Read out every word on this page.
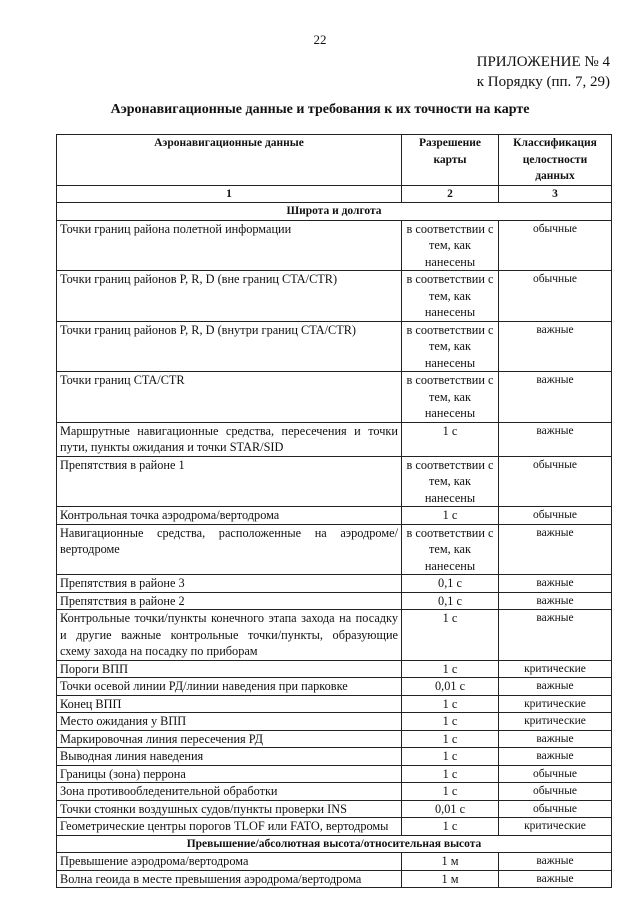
22
ПРИЛОЖЕНИЕ № 4
к Порядку (пп. 7, 29)
Аэронавигационные данные и требования к их точности на карте
Аэронавигационные данные	Разрешение карты	Классификация целостности данных
1	2	3
Широта и долгота		
Точки границ района полетной информации	в соответствии с тем, как нанесены	обычные
Точки границ районов P, R, D (вне границ CTA/CTR)	в соответствии с тем, как нанесены	обычные
Точки границ районов P, R, D (внутри границ CTA/CTR)	в соответствии с тем, как нанесены	важные
Точки границ CTA/CTR	в соответствии с тем, как нанесены	важные
Маршрутные навигационные средства, пересечения и точки пути, пункты ожидания и точки STAR/SID	1 с	важные
Препятствия в районе 1	в соответствии с тем, как нанесены	обычные
Контрольная точка аэродрома/вертодрома	1 с	обычные
Навигационные средства, расположенные на аэродроме/вертодроме	в соответствии с тем, как нанесены	важные
Препятствия в районе 3	0,1 с	важные
Препятствия в районе 2	0,1 с	важные
Контрольные точки/пункты конечного этапа захода на посадку и другие важные контрольные точки/пункты, образующие схему захода на посадку по приборам	1 с	важные
Пороги ВПП	1 с	критические
Точки осевой линии РД/линии наведения при парковке	0,01 с	важные
Конец ВПП	1 с	критические
Место ожидания у ВПП	1 с	критические
Маркировочная линия пересечения РД	1 с	важные
Выводная линия наведения	1 с	важные
Границы (зона) перрона	1 с	обычные
Зона противообледенительной обработки	1 с	обычные
Точки стоянки воздушных судов/пункты проверки INS	0,01 с	обычные
Геометрические центры порогов TLOF или FATO, вертодромы	1 с	критические
Превышение/абсолютная высота/относительная высота		
Превышение аэродрома/вертодрома	1 м	важные
Волна геоида в месте превышения аэродрома/вертодрома	1 м	важные
